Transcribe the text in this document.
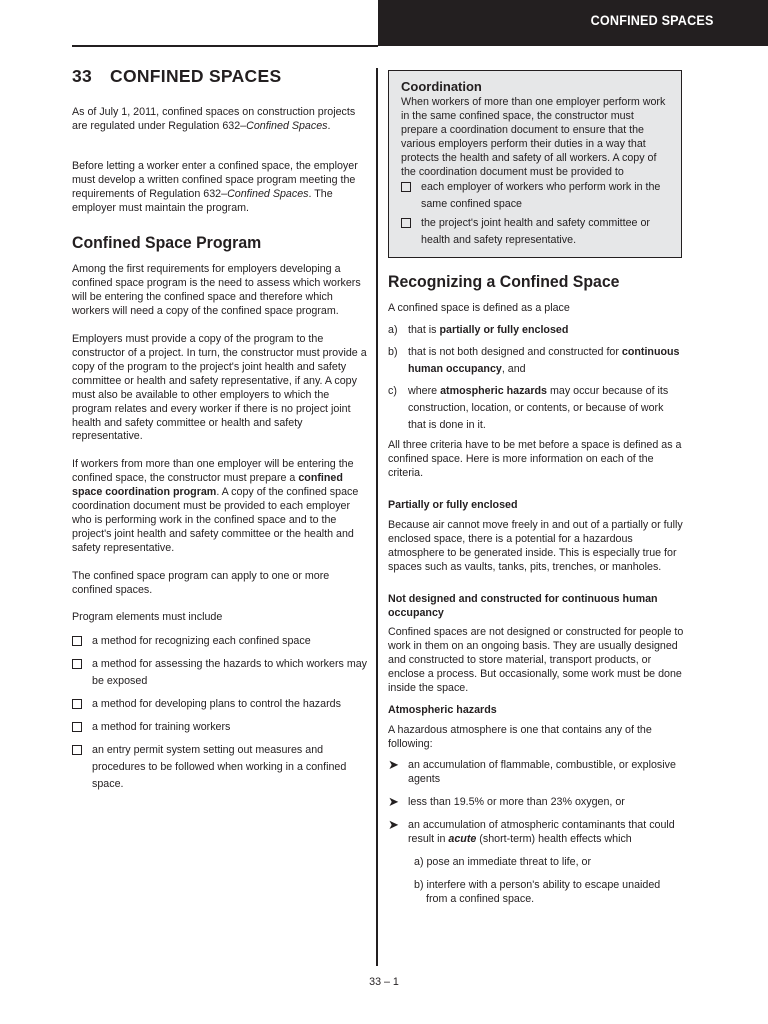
CONFINED SPACES
33	CONFINED SPACES

As of July 1, 2011, confined spaces on construction projects are regulated under Regulation 632–Confined Spaces.

Before letting a worker enter a confined space, the employer must develop a written confined space program meeting the requirements of Regulation 632–Confined Spaces. The employer must maintain the program.

Confined Space Program

Among the first requirements for employers developing a confined space program is the need to assess which workers will be entering the confined space and therefore which workers will need a copy of the confined space program.

Employers must provide a copy of the program to the constructor of a project. In turn, the constructor must provide a copy of the program to the project's joint health and safety committee or health and safety representative, if any. A copy must also be available to other employers to which the program relates and every worker if there is no project joint health and safety committee or health and safety representative.

If workers from more than one employer will be entering the confined space, the constructor must prepare a confined space coordination program. A copy of the confined space coordination document must be provided to each employer who is performing work in the confined space and to the project's joint health and safety committee or the health and safety representative.

The confined space program can apply to one or more confined spaces.

Program elements must include

a method for recognizing each confined space
a method for assessing the hazards to which workers may be exposed
a method for developing plans to control the hazards
a method for training workers
an entry permit system setting out measures and procedures to be followed when working in a confined space.
Coordination

When workers of more than one employer perform work in the same confined space, the constructor must prepare a coordination document to ensure that the various employers perform their duties in a way that protects the health and safety of all workers. A copy of the coordination document must be provided to

each employer of workers who perform work in the same confined space
the project's joint health and safety committee or health and safety representative.
Recognizing a Confined Space

A confined space is defined as a place

a) that is partially or fully enclosed
b) that is not both designed and constructed for continuous human occupancy, and
c)	where atmospheric hazards may occur because of its construction, location, or contents, or because of work that is done in it.

All three criteria have to be met before a space is defined as a confined space. Here is more information on each of the criteria.

Partially or fully enclosed

Because air cannot move freely in and out of a partially or fully enclosed space, there is a potential for a hazardous atmosphere to be generated inside. This is especially true for spaces such as vaults, tanks, pits, trenches, or manholes.

Not designed and constructed for continuous human occupancy

Confined spaces are not designed or constructed for people to work in them on an ongoing basis. They are usually designed and constructed to store material, transport products, or enclose a process. But occasionally, some work must be done inside the space.

Atmospheric hazards

A hazardous atmosphere is one that contains any of the following:

➤ an accumulation of flammable, combustible, or explosive agents
➤ less than 19.5% or more than 23% oxygen, or
➤ an accumulation of atmospheric contaminants that could result in acute (short-term) health effects which
a) pose an immediate threat to life, or
b) interfere with a person's ability to escape unaided from a confined space.
33 – 1
